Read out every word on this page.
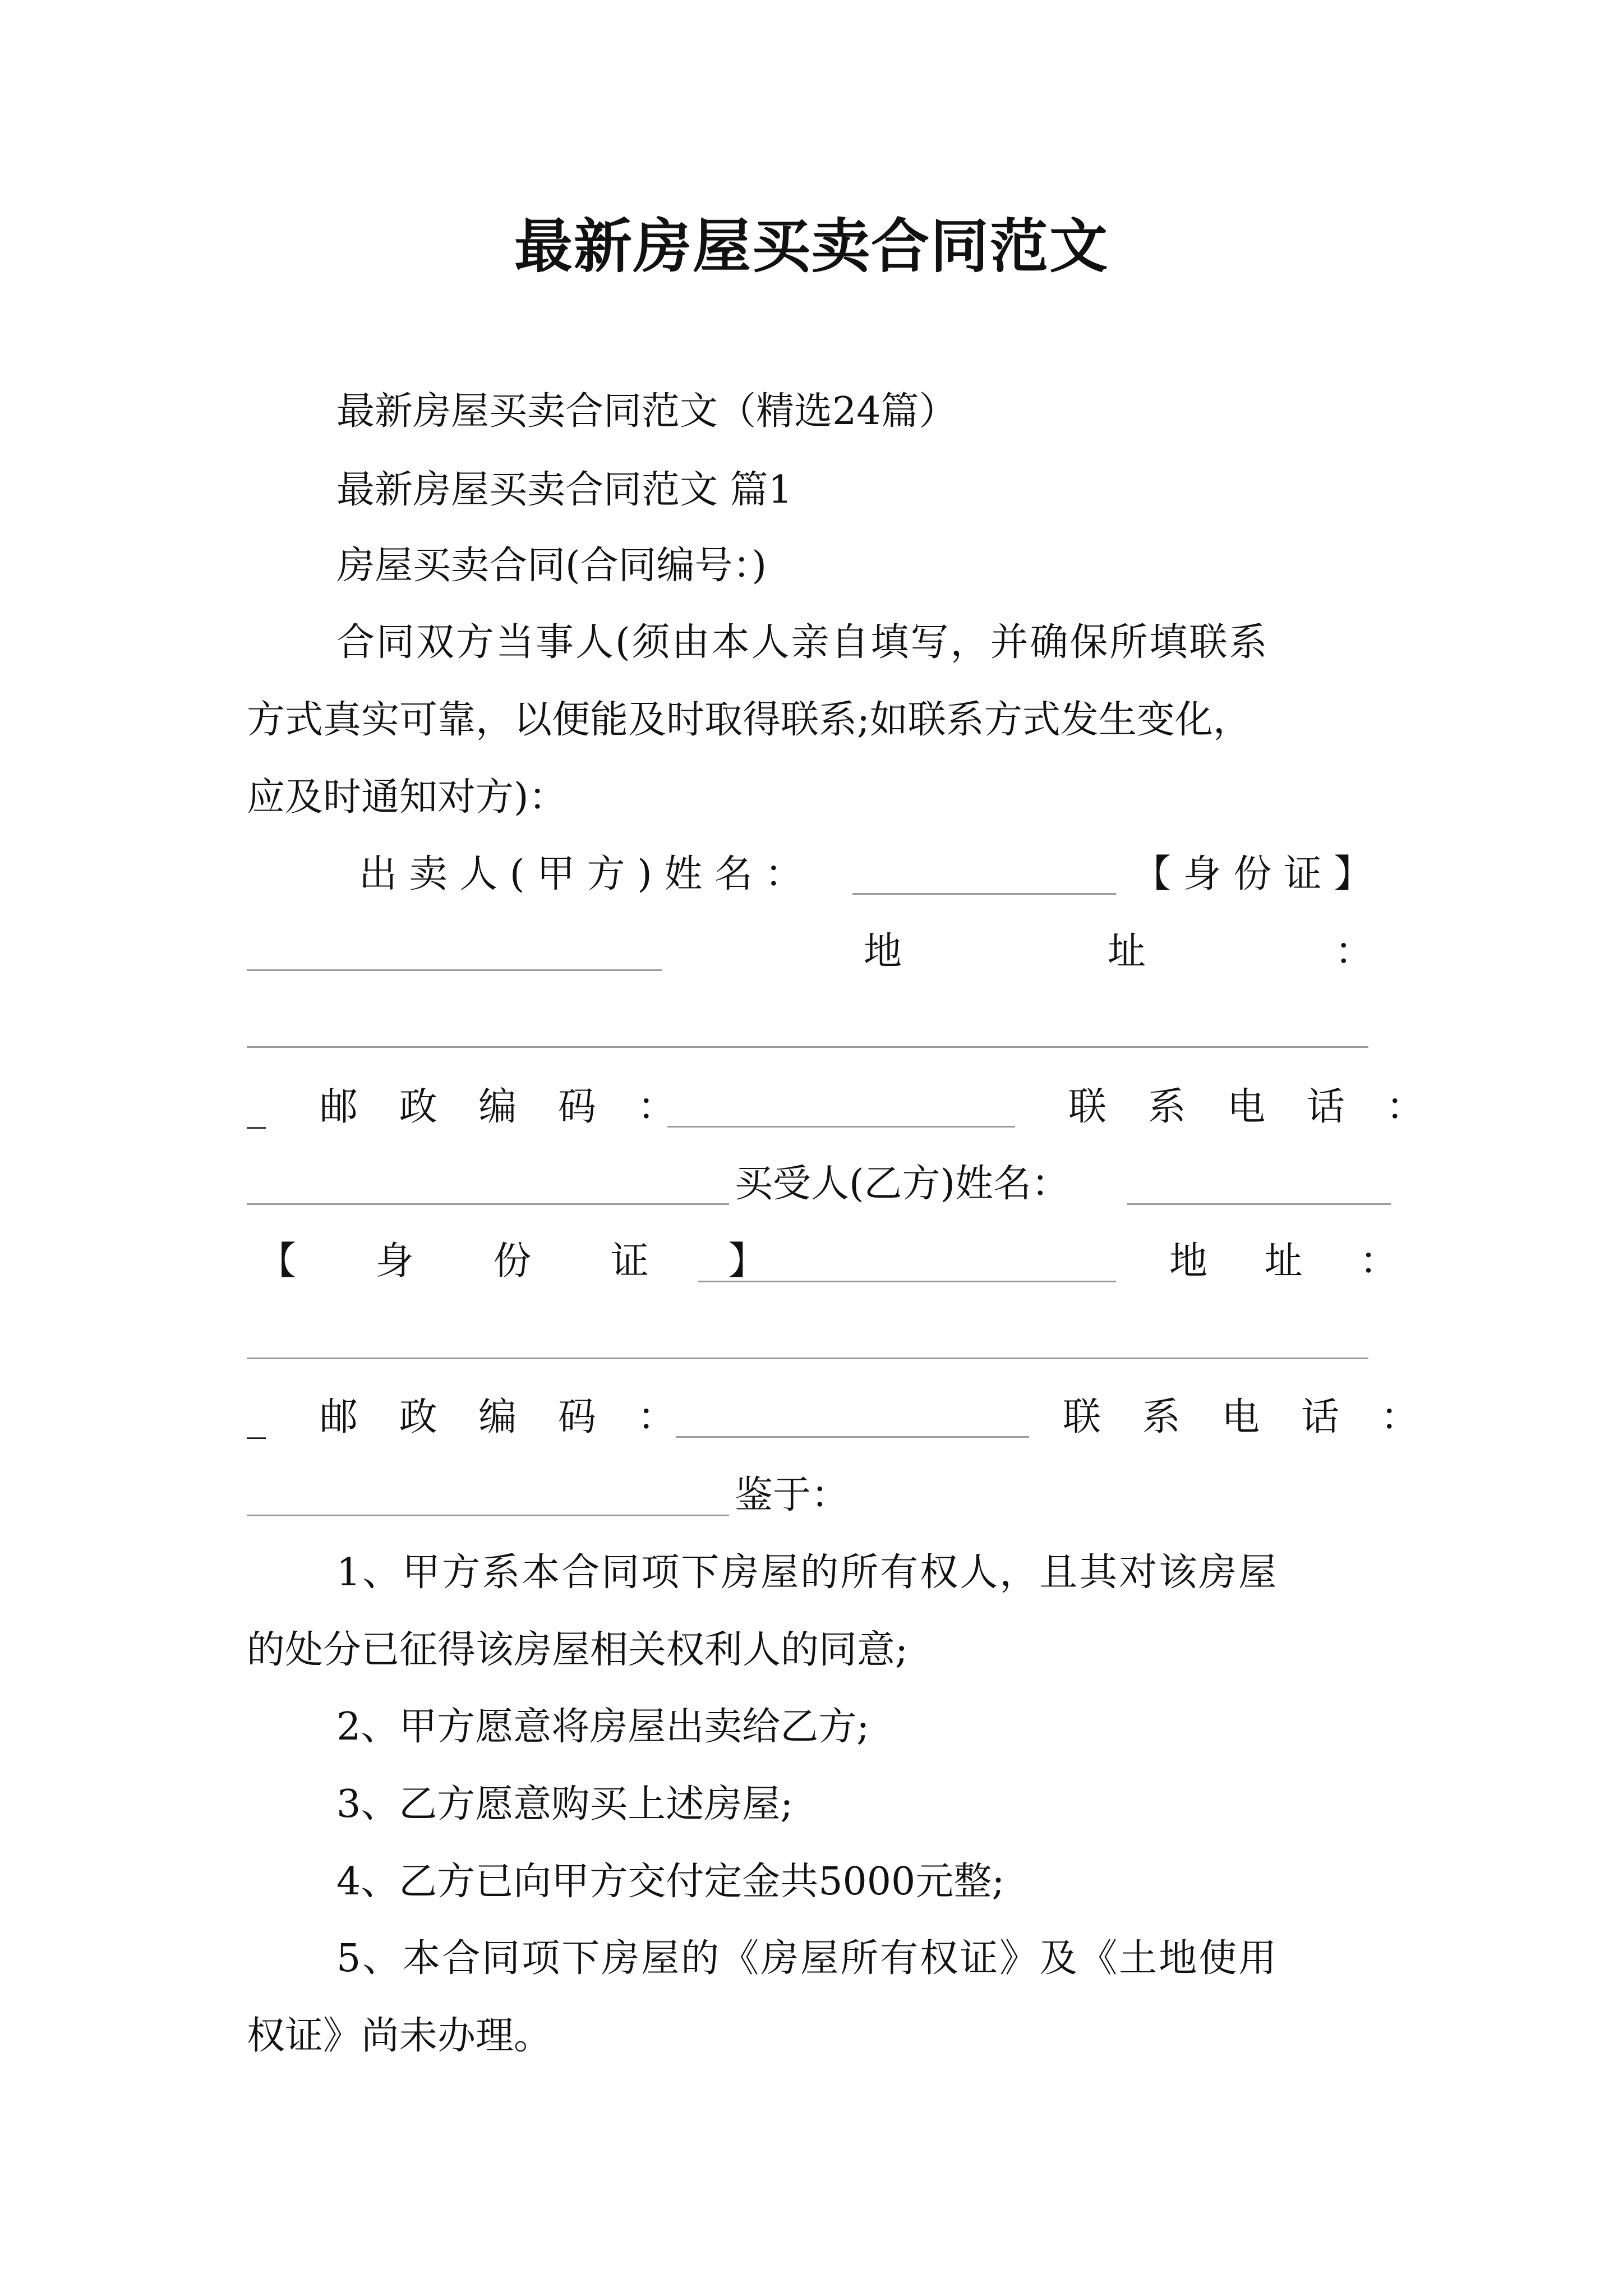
最新房屋买卖合同范文
最新房屋买卖合同范文（精选24篇）
最新房屋买卖合同范文 篇1
房屋买卖合同(合同编号：)
合同双方当事人(须由本人亲自填写，并确保所填联系
方式真实可靠，以便能及时取得联系;如联系方式发生变化，
应及时通知对方)：
出 卖 人 ( 甲 方 ) 姓 名 ：	【 身 份 证 】
地	址	：
_ 邮 政 编 码 ：	联 系 电 话 ：
买受人(乙方)姓名：
【 身 份 证 】	地 址 ：
_ 邮 政 编 码 ：	联 系 电 话 ：
鉴于：
1、甲方系本合同项下房屋的所有权人，且其对该房屋
的处分已征得该房屋相关权利人的同意;
2、甲方愿意将房屋出卖给乙方;
3、乙方愿意购买上述房屋;
4、乙方已向甲方交付定金共5000元整;
5、本合同项下房屋的《房屋所有权证》及《土地使用
权证》尚未办理。
